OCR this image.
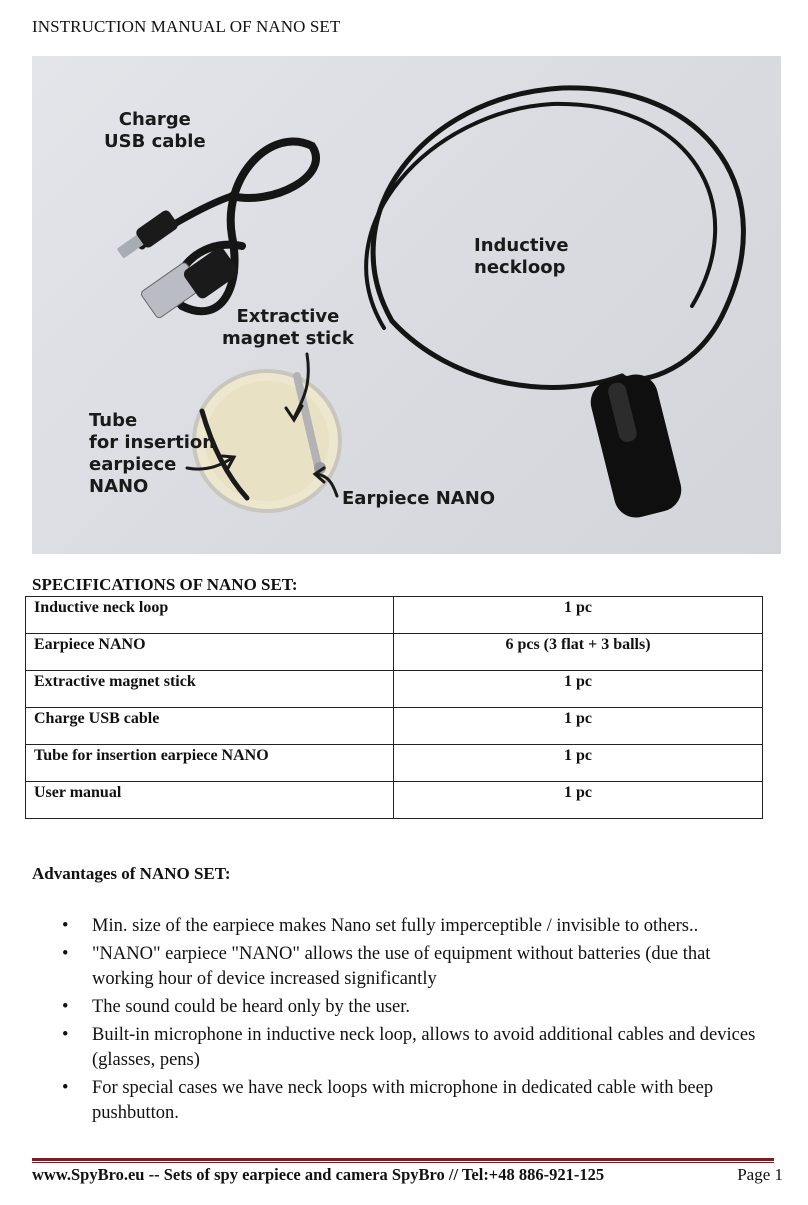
INSTRUCTION MANUAL OF NANO SET
Charge
USB cable
Inductive
neckloop
Extractive
magnet stick
Tube
for insertion
earpiece
NANO
Earpiece NANO
SPECIFICATIONS OF NANO SET:
Inductive neck loop	1 pc
Earpiece NANO	6 pcs (3 flat + 3 balls)
Extractive magnet stick	1 pc
Charge USB cable	1 pc
Tube for insertion earpiece NANO	1 pc
User manual	1 pc
Advantages of NANO SET:
• Min. size of the earpiece makes Nano set fully imperceptible / invisible to others..
• "NANO" earpiece "NANO" allows the use of equipment without batteries (due that working hour of device increased significantly
• The sound could be heard only by the user.
• Built-in microphone in inductive neck loop, allows to avoid additional cables and devices (glasses, pens)
• For special cases we have neck loops with microphone in dedicated cable with beep pushbutton.
www.SpyBro.eu -- Sets of spy earpiece and camera SpyBro // Tel:+48 886-921-125	Page 1
